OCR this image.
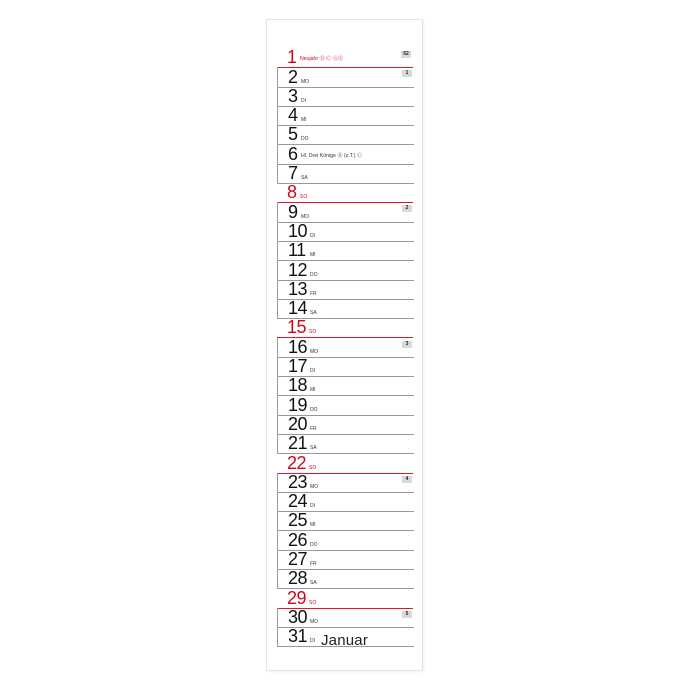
1 Neujahr Ⓑ Ⓒ ⓈⒺ
52
2 MO
1
3 DI
4 MI
5 DO
6 Hl. Drei Könige Ⓑ (z.T.) Ⓒ
7 SA
8 SO
9 MO
2
10 DI
11 MI
12 DO
13 FR
14 SA
15 SO
16 MO
3
17 DI
18 MI
19 DO
20 FR
21 SA
22 SO
23 MO
4
24 DI
25 MI
26 DO
27 FR
28 SA
29 SO
30 MO
5
31 DI Januar
